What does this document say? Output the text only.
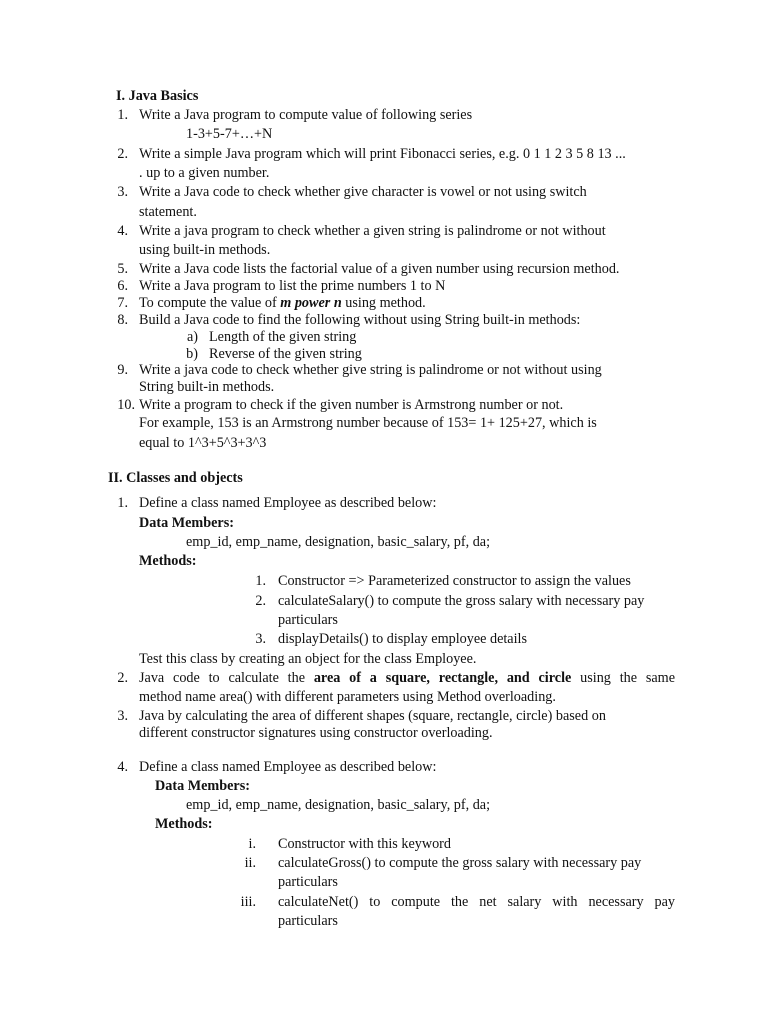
I. Java Basics
1. Write a Java program to compute value of following series
1-3+5-7+…+N
2. Write a simple Java program which will print Fibonacci series, e.g. 0 1 1 2 3 5 8 13 ...
. up to a given number.
3. Write a Java code to check whether give character is vowel or not using switch
statement.
4. Write a java program to check whether a given string is palindrome or not without
using built-in methods.
5. Write a Java code lists the factorial value of a given number using recursion method.
6. Write a Java program to list the prime numbers 1 to N
7. To compute the value of m power n using method.
8. Build a Java code to find the following without using String built-in methods:
a) Length of the given string
b) Reverse of the given string
9. Write a java code to check whether give string is palindrome or not without using
String built-in methods.
10. Write a program to check if the given number is Armstrong number or not.
For example, 153 is an Armstrong number because of 153= 1+ 125+27, which is
equal to 1^3+5^3+3^3
II. Classes and objects
1. Define a class named Employee as described below:
Data Members:
emp_id, emp_name, designation, basic_salary, pf, da;
Methods:
1. Constructor => Parameterized constructor to assign the values
2. calculateSalary() to compute the gross salary with necessary pay
particulars
3. displayDetails() to display employee details
Test this class by creating an object for the class Employee.
2. Java code to calculate the area of a square, rectangle, and circle using the same
method name area() with different parameters using Method overloading.
3. Java by calculating the area of different shapes (square, rectangle, circle) based on
different constructor signatures using constructor overloading.
4. Define a class named Employee as described below:
Data Members:
emp_id, emp_name, designation, basic_salary, pf, da;
Methods:
i. Constructor with this keyword
ii. calculateGross() to compute the gross salary with necessary pay
particulars
iii. calculateNet() to compute the net salary with necessary pay
particulars
